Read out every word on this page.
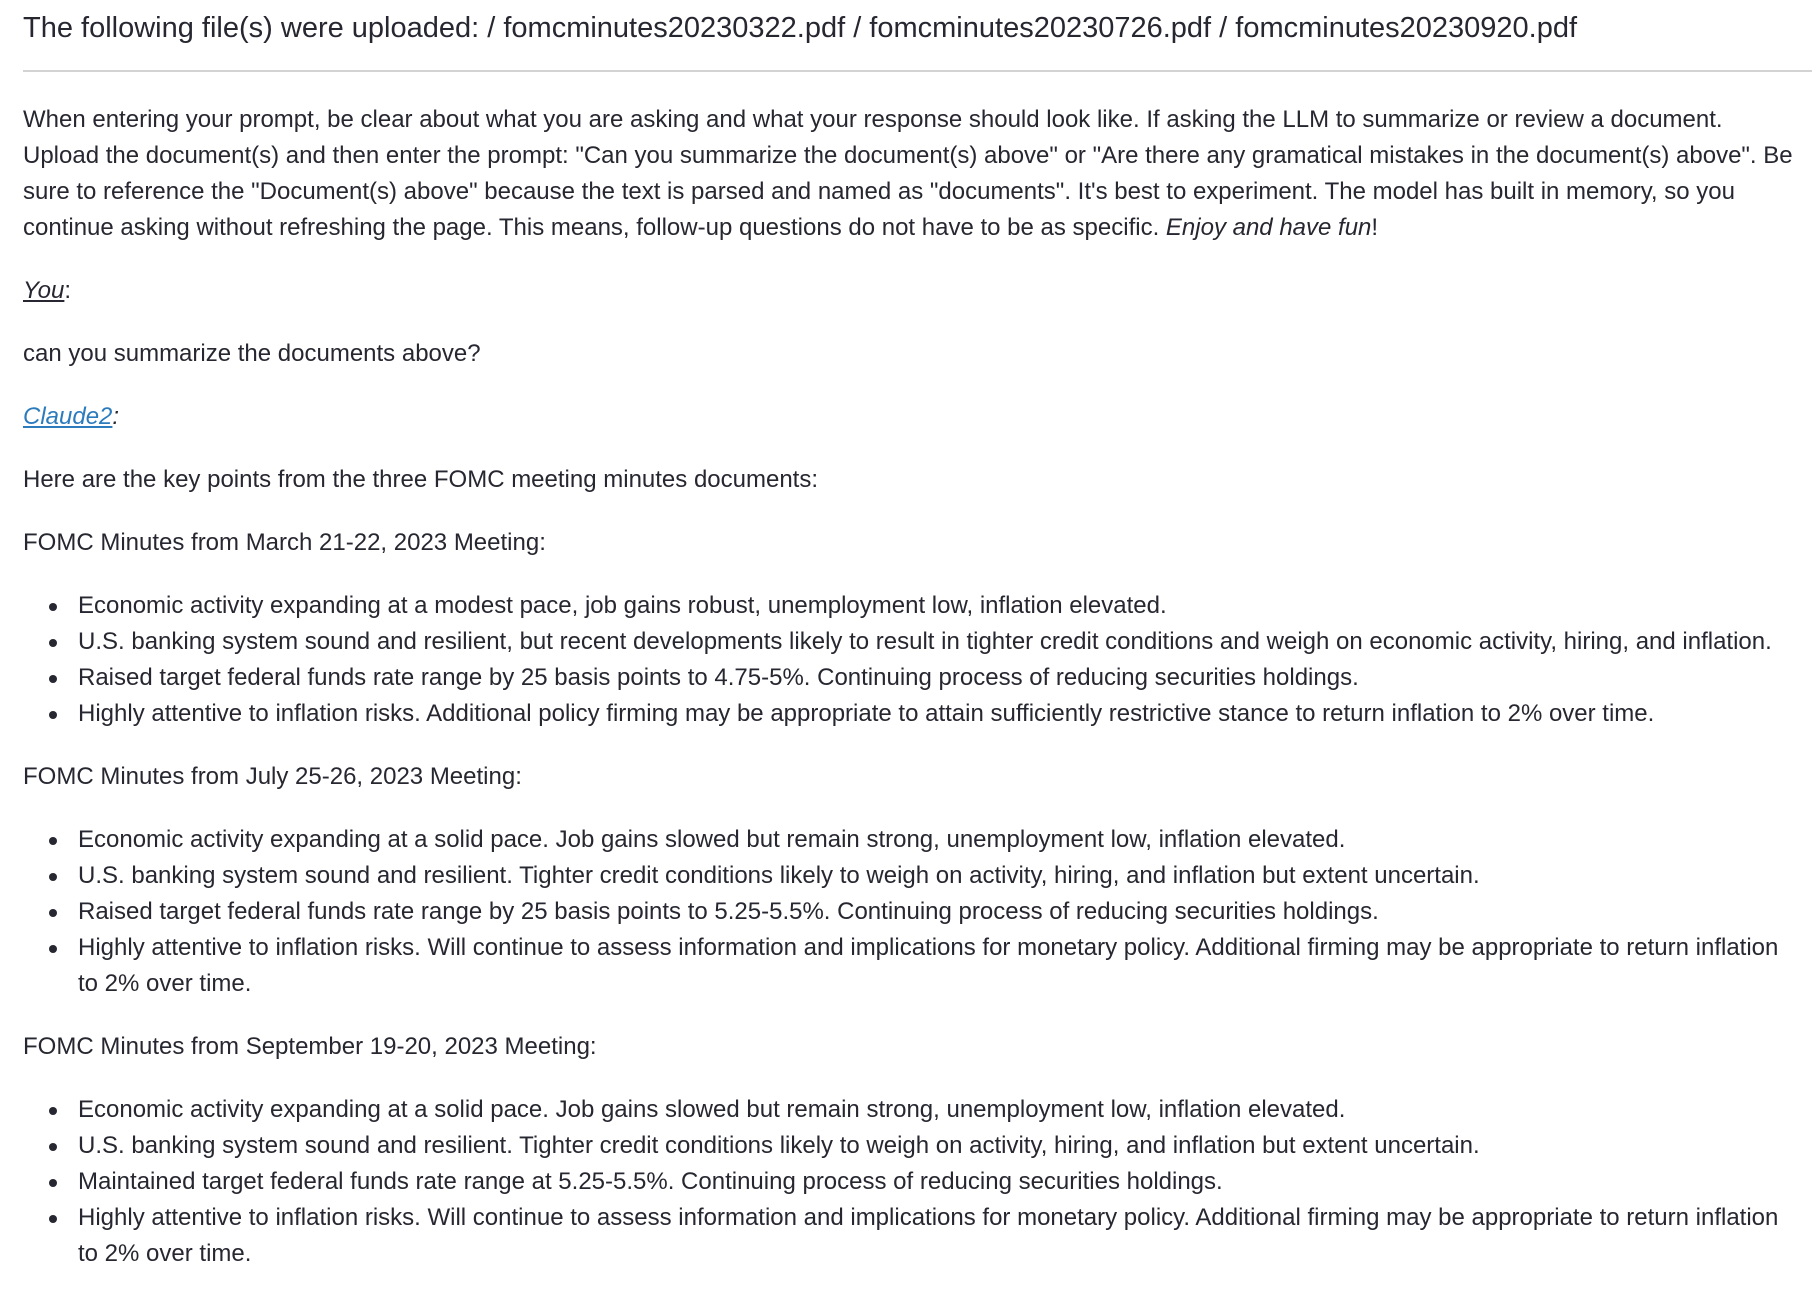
The following file(s) were uploaded: / fomcminutes20230322.pdf / fomcminutes20230726.pdf / fomcminutes20230920.pdf

When entering your prompt, be clear about what you are asking and what your response should look like. If asking the LLM to summarize or review a document. Upload the document(s) and then enter the prompt: "Can you summarize the document(s) above" or "Are there any gramatical mistakes in the document(s) above". Be sure to reference the "Document(s) above" because the text is parsed and named as "documents". It's best to experiment. The model has built in memory, so you continue asking without refreshing the page. This means, follow-up questions do not have to be as specific. Enjoy and have fun!

You:

can you summarize the documents above?

Claude2:

Here are the key points from the three FOMC meeting minutes documents:

FOMC Minutes from March 21-22, 2023 Meeting:

Economic activity expanding at a modest pace, job gains robust, unemployment low, inflation elevated.
U.S. banking system sound and resilient, but recent developments likely to result in tighter credit conditions and weigh on economic activity, hiring, and inflation.
Raised target federal funds rate range by 25 basis points to 4.75-5%. Continuing process of reducing securities holdings.
Highly attentive to inflation risks. Additional policy firming may be appropriate to attain sufficiently restrictive stance to return inflation to 2% over time.

FOMC Minutes from July 25-26, 2023 Meeting:

Economic activity expanding at a solid pace. Job gains slowed but remain strong, unemployment low, inflation elevated.
U.S. banking system sound and resilient. Tighter credit conditions likely to weigh on activity, hiring, and inflation but extent uncertain.
Raised target federal funds rate range by 25 basis points to 5.25-5.5%. Continuing process of reducing securities holdings.
Highly attentive to inflation risks. Will continue to assess information and implications for monetary policy. Additional firming may be appropriate to return inflation to 2% over time.

FOMC Minutes from September 19-20, 2023 Meeting:

Economic activity expanding at a solid pace. Job gains slowed but remain strong, unemployment low, inflation elevated.
U.S. banking system sound and resilient. Tighter credit conditions likely to weigh on activity, hiring, and inflation but extent uncertain.
Maintained target federal funds rate range at 5.25-5.5%. Continuing process of reducing securities holdings.
Highly attentive to inflation risks. Will continue to assess information and implications for monetary policy. Additional firming may be appropriate to return inflation to 2% over time.
